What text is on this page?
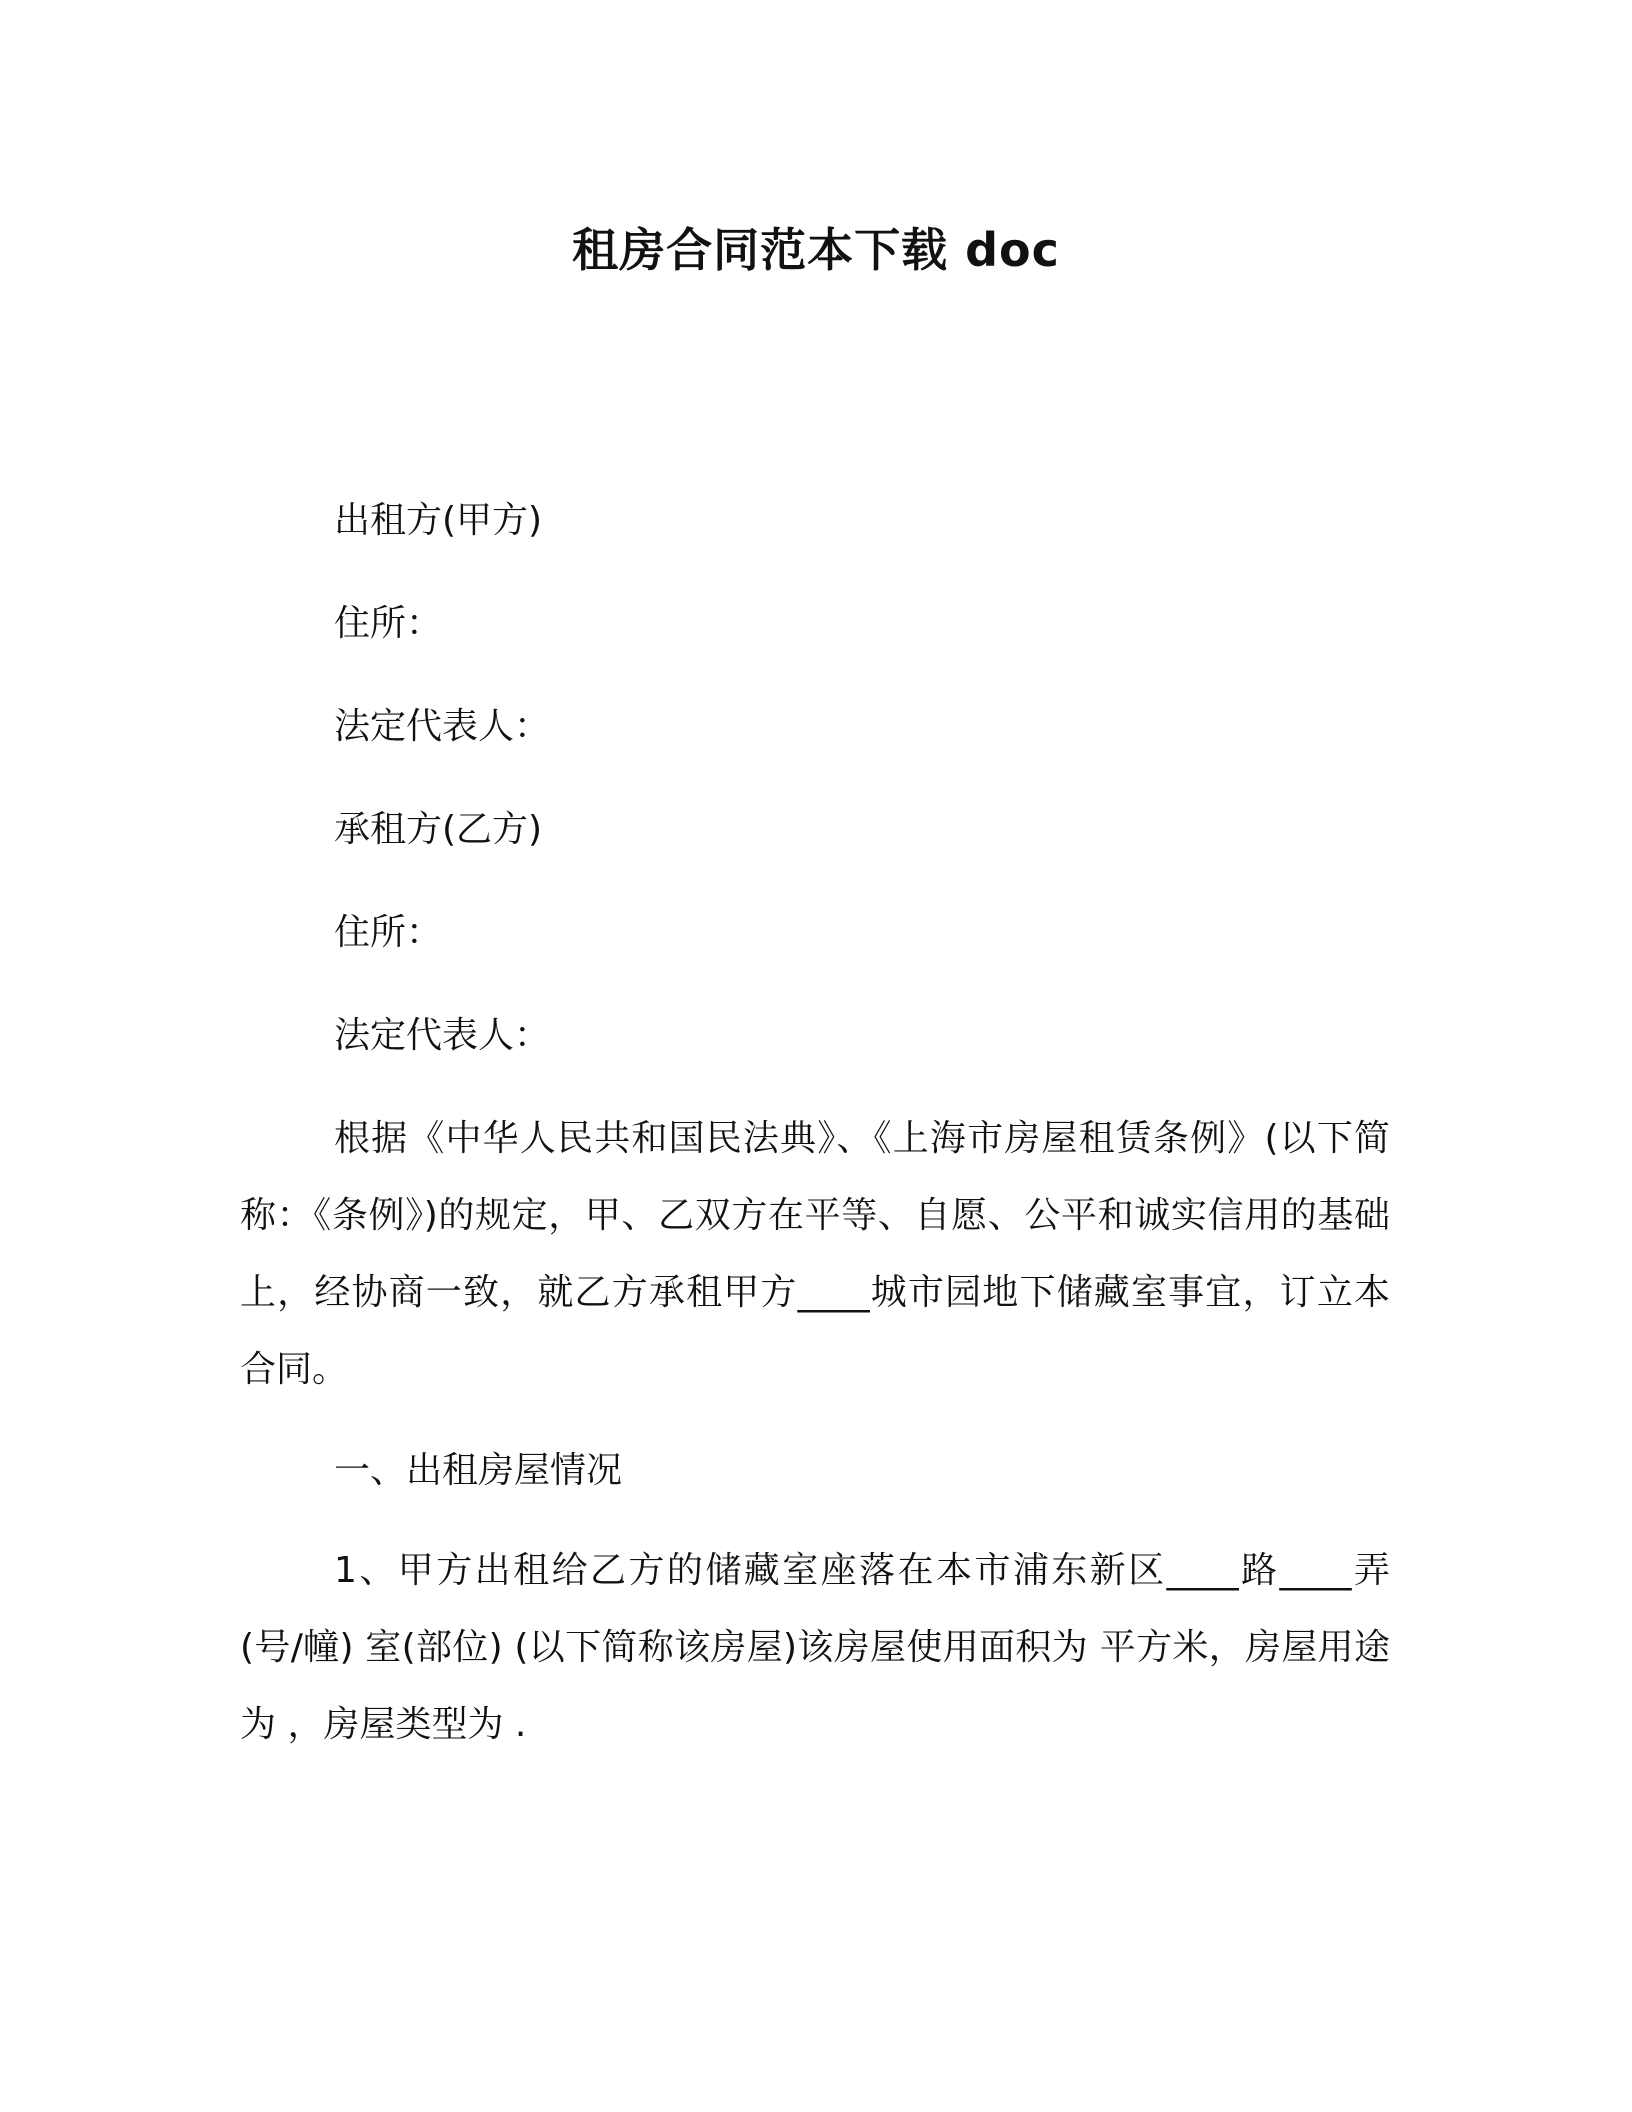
租房合同范本下载 doc
出租方(甲方)
住所：
法定代表人：
承租方(乙方)
住所：
法定代表人：

根据《中华人民共和国民法典》、《上海市房屋租赁条例》(以下简称：《条例》)的规定，甲、乙双方在平等、自愿、公平和诚实信用的基础上，经协商一致，就乙方承租甲方____城市园地下储藏室事宜，订立本合同。

一、出租房屋情况

1、甲方出租给乙方的储藏室座落在本市浦东新区____路____弄(号/幢) 室(部位) (以下简称该房屋)该房屋使用面积为 平方米，房屋用途为 ，房屋类型为 .
